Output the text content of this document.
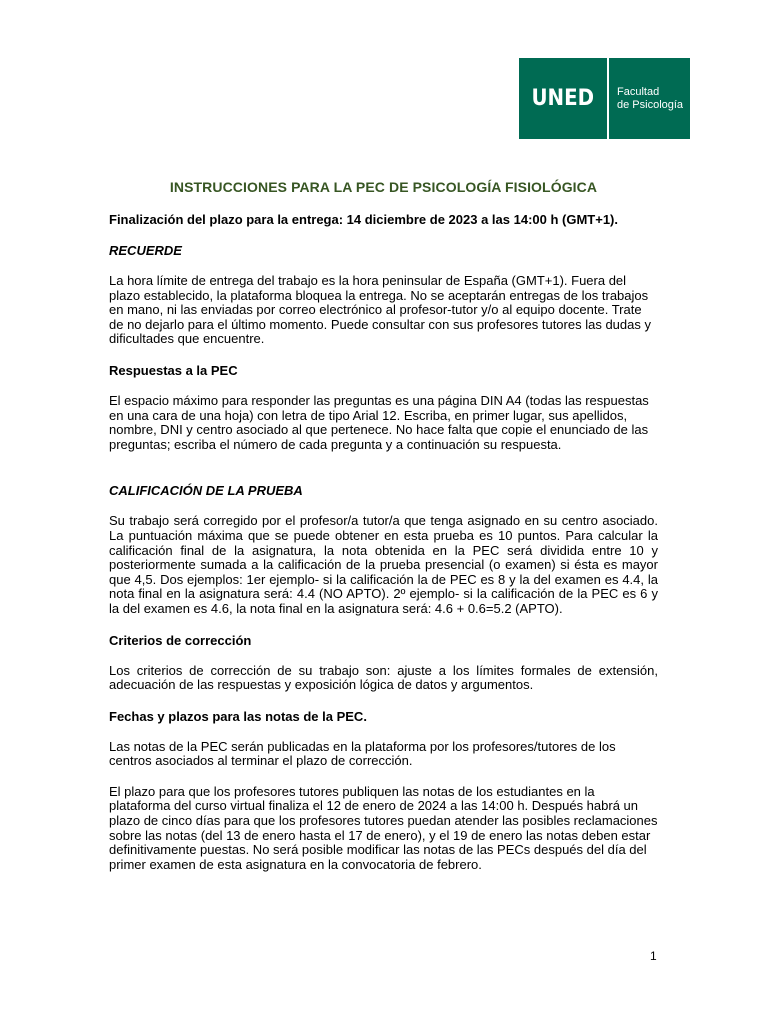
UNED Facultad
de Psicología
INSTRUCCIONES PARA LA PEC DE PSICOLOGÍA FISIOLÓGICA

Finalización del plazo para la entrega: 14 diciembre de 2023 a las 14:00 h (GMT+1).

RECUERDE

La hora límite de entrega del trabajo es la hora peninsular de España (GMT+1). Fuera del plazo establecido, la plataforma bloquea la entrega. No se aceptarán entregas de los trabajos en mano, ni las enviadas por correo electrónico al profesor-tutor y/o al equipo docente. Trate de no dejarlo para el último momento. Puede consultar con sus profesores tutores las dudas y dificultades que encuentre.

Respuestas a la PEC

El espacio máximo para responder las preguntas es una página DIN A4 (todas las respuestas en una cara de una hoja) con letra de tipo Arial 12. Escriba, en primer lugar, sus apellidos, nombre, DNI y centro asociado al que pertenece. No hace falta que copie el enunciado de las preguntas; escriba el número de cada pregunta y a continuación su respuesta.

CALIFICACIÓN DE LA PRUEBA

Su trabajo será corregido por el profesor/a tutor/a que tenga asignado en su centro asociado. La puntuación máxima que se puede obtener en esta prueba es 10 puntos. Para calcular la calificación final de la asignatura, la nota obtenida en la PEC será dividida entre 10 y posteriormente sumada a la calificación de la prueba presencial (o examen) si ésta es mayor que 4,5. Dos ejemplos: 1er ejemplo- si la calificación la de PEC es 8 y la del examen es 4.4, la nota final en la asignatura será: 4.4 (NO APTO). 2º ejemplo- si la calificación de la PEC es 6 y la del examen es 4.6, la nota final en la asignatura será: 4.6 + 0.6=5.2 (APTO).

Criterios de corrección

Los criterios de corrección de su trabajo son: ajuste a los límites formales de extensión, adecuación de las respuestas y exposición lógica de datos y argumentos.

Fechas y plazos para las notas de la PEC.

Las notas de la PEC serán publicadas en la plataforma por los profesores/tutores de los centros asociados al terminar el plazo de corrección.

El plazo para que los profesores tutores publiquen las notas de los estudiantes en la plataforma del curso virtual finaliza el 12 de enero de 2024 a las 14:00 h. Después habrá un plazo de cinco días para que los profesores tutores puedan atender las posibles reclamaciones sobre las notas (del 13 de enero hasta el 17 de enero), y el 19 de enero las notas deben estar definitivamente puestas. No será posible modificar las notas de las PECs después del día del primer examen de esta asignatura en la convocatoria de febrero.

1
